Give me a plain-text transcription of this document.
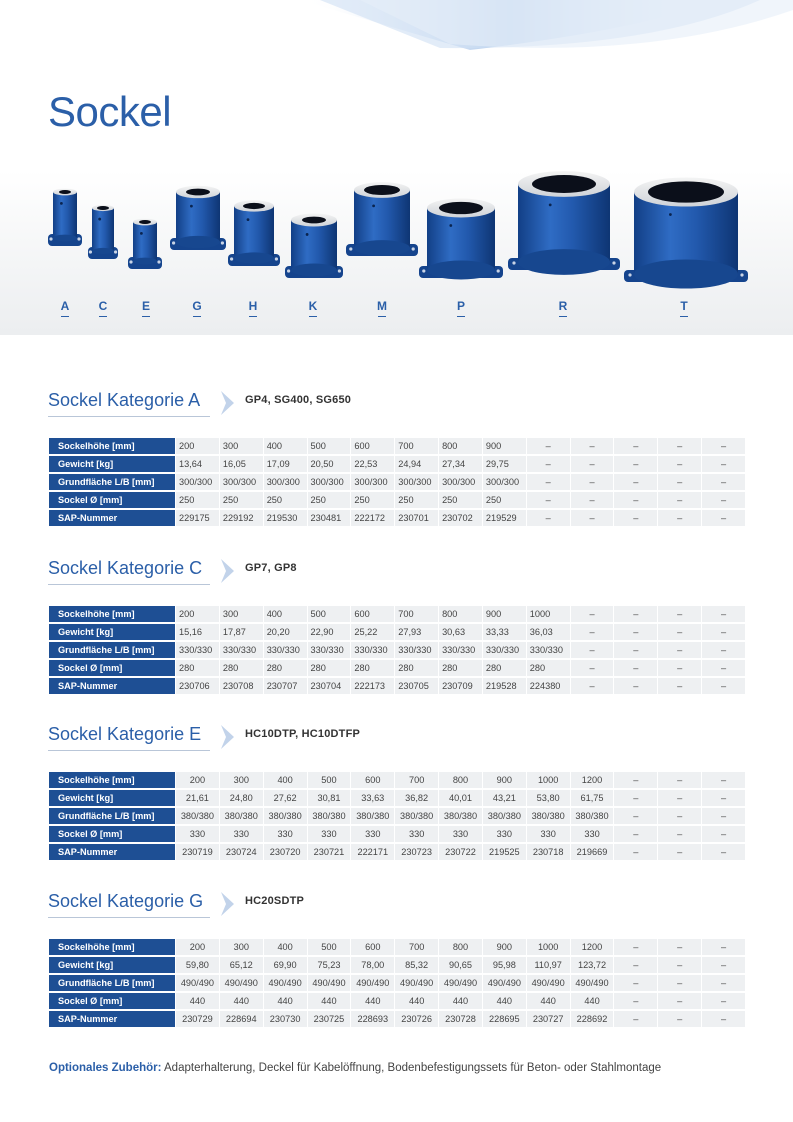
Sockel
A	C	E	G	H	K	M	P	R	T
Sockel Kategorie A	GP4, SG400, SG650
Sockelhöhe [mm]	200	300	400	500	600	700	800	900	–	–	–	–	–
Gewicht [kg]	13,64	16,05	17,09	20,50	22,53	24,94	27,34	29,75	–	–	–	–	–
Grundfläche L/B [mm]	300/300	300/300	300/300	300/300	300/300	300/300	300/300	300/300	–	–	–	–	–
Sockel Ø [mm]	250	250	250	250	250	250	250	250	–	–	–	–	–
SAP-Nummer	229175	229192	219530	230481	222172	230701	230702	219529	–	–	–	–	–
Sockel Kategorie C	GP7, GP8
Sockelhöhe [mm]	200	300	400	500	600	700	800	900	1000	–	–	–	–
Gewicht [kg]	15,16	17,87	20,20	22,90	25,22	27,93	30,63	33,33	36,03	–	–	–	–
Grundfläche L/B [mm]	330/330	330/330	330/330	330/330	330/330	330/330	330/330	330/330	330/330	–	–	–	–
Sockel Ø [mm]	280	280	280	280	280	280	280	280	280	–	–	–	–
SAP-Nummer	230706	230708	230707	230704	222173	230705	230709	219528	224380	–	–	–	–
Sockel Kategorie E	HC10DTP, HC10DTFP
Sockelhöhe [mm]	200	300	400	500	600	700	800	900	1000	1200	–	–	–
Gewicht [kg]	21,61	24,80	27,62	30,81	33,63	36,82	40,01	43,21	53,80	61,75	–	–	–
Grundfläche L/B [mm]	380/380	380/380	380/380	380/380	380/380	380/380	380/380	380/380	380/380	380/380	–	–	–
Sockel Ø [mm]	330	330	330	330	330	330	330	330	330	330	–	–	–
SAP-Nummer	230719	230724	230720	230721	222171	230723	230722	219525	230718	219669	–	–	–
Sockel Kategorie G	HC20SDTP
Sockelhöhe [mm]	200	300	400	500	600	700	800	900	1000	1200	–	–	–
Gewicht [kg]	59,80	65,12	69,90	75,23	78,00	85,32	90,65	95,98	110,97	123,72	–	–	–
Grundfläche L/B [mm]	490/490	490/490	490/490	490/490	490/490	490/490	490/490	490/490	490/490	490/490	–	–	–
Sockel Ø [mm]	440	440	440	440	440	440	440	440	440	440	–	–	–
SAP-Nummer	230729	228694	230730	230725	228693	230726	230728	228695	230727	228692	–	–	–
Optionales Zubehör: Adapterhalterung, Deckel für Kabelöffnung, Bodenbefestigungssets für Beton- oder Stahlmontage
